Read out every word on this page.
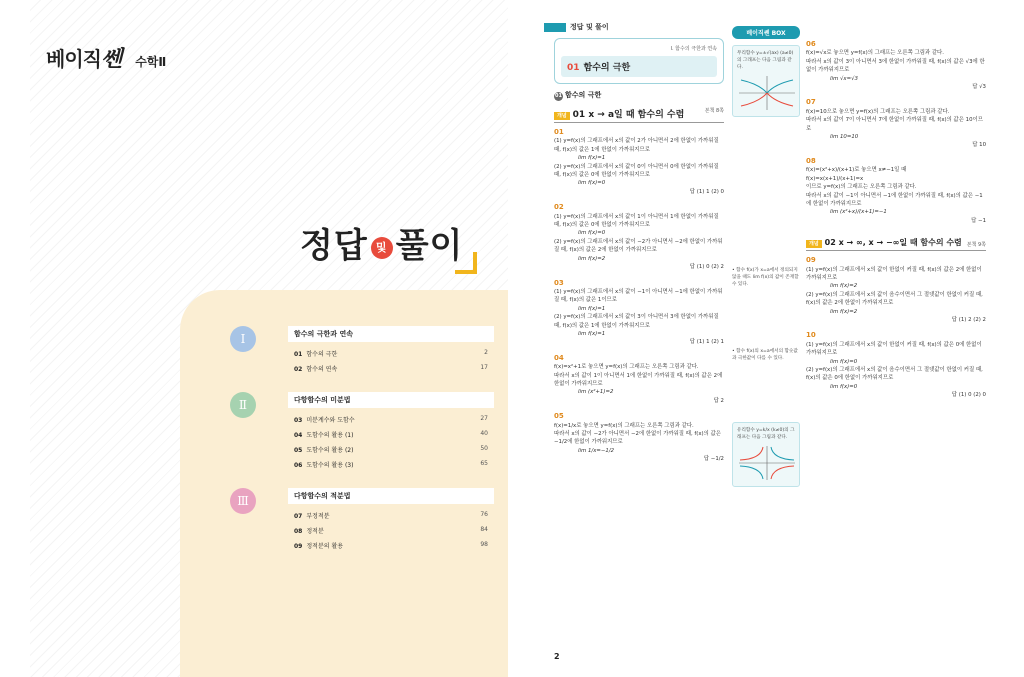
베이직쎈 수학Ⅱ
정답 및 풀이
Ⅰ	함수의 극한과 연속
01 함수의 극한	2
02 함수의 연속	17
Ⅱ	다항함수의 미분법
03 미분계수와 도함수	27
04 도함수의 활용 (1)	40
05 도함수의 활용 (2)	50
06 도함수의 활용 (3)	65
Ⅲ	다항함수의 적분법
07 부정적분	76
08 정적분	84
09 정적분의 활용	98
정답 및 풀이
Ⅰ. 함수의 극한과 연속
01 함수의 극한
01 함수의 극한
개념 01 x → a일 때 함수의 수렴	본책 8쪽
01
(1) y=f(x)의 그래프에서 x의 값이 2가 아니면서 2에 한없이 가까워질 때, f(x)의 값은 1에 한없이 가까워지므로
lim f(x)=1
(2) y=f(x)의 그래프에서 x의 값이 0이 아니면서 0에 한없이 가까워질 때, f(x)의 값은 0에 한없이 가까워지므로
lim f(x)=0
답 (1) 1 (2) 0
02
(1) y=f(x)의 그래프에서 x의 값이 1이 아니면서 1에 한없이 가까워질 때, f(x)의 값은 0에 한없이 가까워지므로
lim f(x)=0
(2) y=f(x)의 그래프에서 x의 값이 −2가 아니면서 −2에 한없이 가까워질 때, f(x)의 값은 2에 한없이 가까워지므로
lim f(x)=2
답 (1) 0 (2) 2
03
(1) y=f(x)의 그래프에서 x의 값이 −1이 아니면서 −1에 한없이 가까워질 때, f(x)의 값은 1이므로
lim f(x)=1
(2) y=f(x)의 그래프에서 x의 값이 3이 아니면서 3에 한없이 가까워질 때, f(x)의 값은 1에 한없이 가까워지므로
lim f(x)=1
답 (1) 1 (2) 1
04
f(x)=x²+1로 놓으면 y=f(x)의 그래프는 오른쪽 그림과 같다.
따라서 x의 값이 1이 아니면서 1에 한없이 가까워질 때, f(x)의 값은 2에 한없이 가까워지므로
lim (x²+1)=2
답 2
05
f(x)=1/x로 놓으면 y=f(x)의 그래프는 오른쪽 그림과 같다.
따라서 x의 값이 −2가 아니면서 −2에 한없이 가까워질 때, f(x)의 값은 −1/2에 한없이 가까워지므로
lim 1/x=−1/2
답 −1/2
베이직쎈 BOX
무리함수 y=±√(ax) (a≠0)의 그래프는 다음 그림과 같다.
• 함수 f(x)가 x=a에서 정의되지 않을 때도 lim f(x)의 값이 존재할 수 있다.
• 함수 f(x)의 x=a에서의 함숫값과 극한값이 다를 수 있다.
유리함수 y=k/x (k≠0)의 그래프는 다음 그림과 같다.
06
f(x)=√x로 놓으면 y=f(x)의 그래프는 오른쪽 그림과 같다.
따라서 x의 값이 3이 아니면서 3에 한없이 가까워질 때, f(x)의 값은 √3에 한없이 가까워지므로
lim √x=√3
답 √3
07
f(x)=10으로 놓으면 y=f(x)의 그래프는 오른쪽 그림과 같다.
따라서 x의 값이 7이 아니면서 7에 한없이 가까워질 때, f(x)의 값은 10이므로
lim 10=10
답 10
08
f(x)=(x²+x)/(x+1)로 놓으면 x≠−1일 때
f(x)=x(x+1)/(x+1)=x
이므로 y=f(x)의 그래프는 오른쪽 그림과 같다.
따라서 x의 값이 −1이 아니면서 −1에 한없이 가까워질 때, f(x)의 값은 −1에 한없이 가까워지므로
lim (x²+x)/(x+1)=−1
답 −1
개념 02 x → ∞, x → −∞일 때 함수의 수렴 본책 9쪽
09
(1) y=f(x)의 그래프에서 x의 값이 한없이 커질 때, f(x)의 값은 2에 한없이 가까워지므로
lim f(x)=2
(2) y=f(x)의 그래프에서 x의 값이 음수이면서 그 절댓값이 한없이 커질 때, f(x)의 값은 2에 한없이 가까워지므로
lim f(x)=2
답 (1) 2 (2) 2
10
(1) y=f(x)의 그래프에서 x의 값이 한없이 커질 때, f(x)의 값은 0에 한없이 가까워지므로
lim f(x)=0
(2) y=f(x)의 그래프에서 x의 값이 음수이면서 그 절댓값이 한없이 커질 때, f(x)의 값은 0에 한없이 가까워지므로
lim f(x)=0
답 (1) 0 (2) 0
2
